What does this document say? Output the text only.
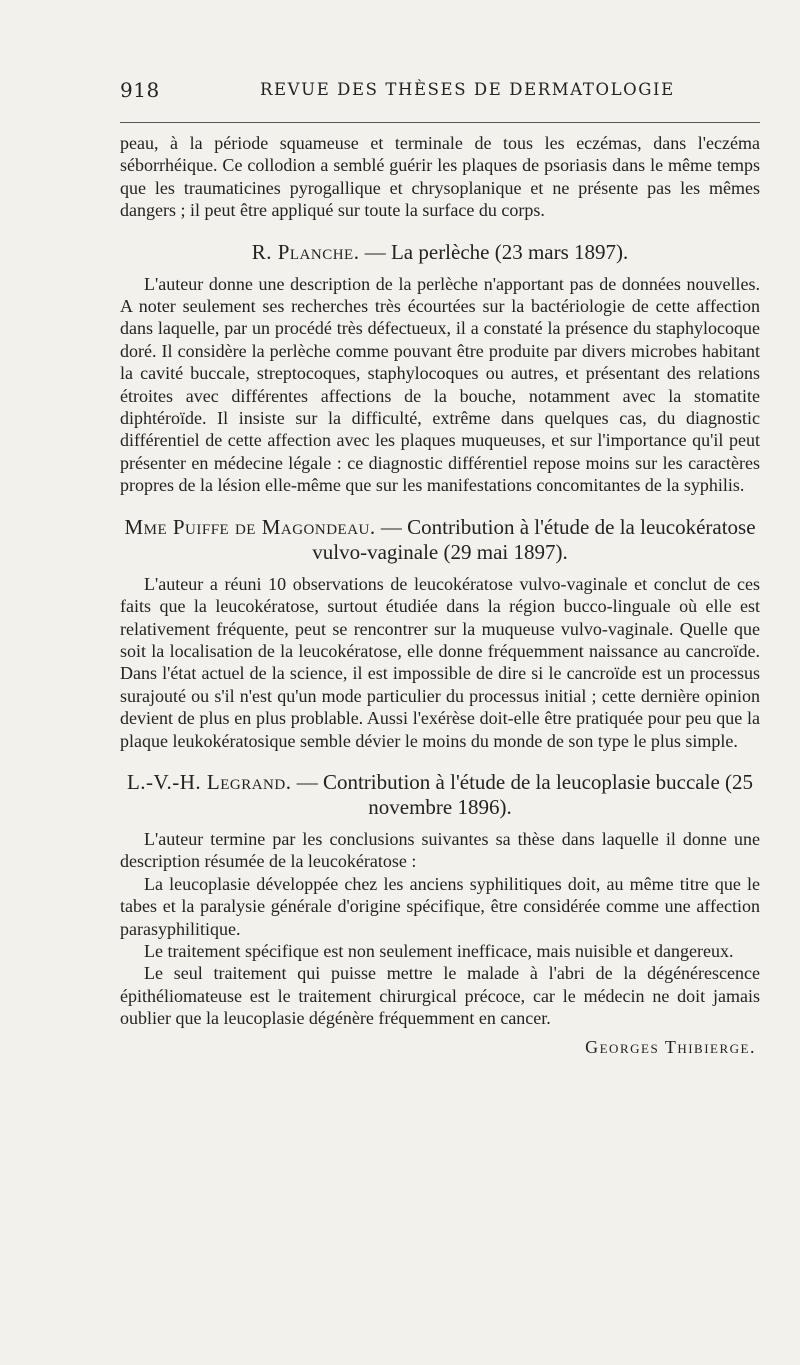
918	REVUE DES THÈSES DE DERMATOLOGIE

peau, à la période squameuse et terminale de tous les eczémas, dans l'eczéma séborrhéique. Ce collodion a semblé guérir les plaques de psoriasis dans le même temps que les traumaticines pyrogallique et chrysoplanique et ne présente pas les mêmes dangers ; il peut être appliqué sur toute la surface du corps.

R. Planche. — La perlèche (23 mars 1897).

L'auteur donne une description de la perlèche n'apportant pas de données nouvelles. A noter seulement ses recherches très écourtées sur la bactériologie de cette affection dans laquelle, par un procédé très défectueux, il a constaté la présence du staphylocoque doré. Il considère la perlèche comme pouvant être produite par divers microbes habitant la cavité buccale, streptocoques, staphylocoques ou autres, et présentant des relations étroites avec différentes affections de la bouche, notamment avec la stomatite diphtéroïde. Il insiste sur la difficulté, extrême dans quelques cas, du diagnostic différentiel de cette affection avec les plaques muqueuses, et sur l'importance qu'il peut présenter en médecine légale : ce diagnostic différentiel repose moins sur les caractères propres de la lésion elle-même que sur les manifestations concomitantes de la syphilis.

Mme Puiffe de Magondeau. — Contribution à l'étude de la leucokératose vulvo-vaginale (29 mai 1897).

L'auteur a réuni 10 observations de leucokératose vulvo-vaginale et conclut de ces faits que la leucokératose, surtout étudiée dans la région bucco-linguale où elle est relativement fréquente, peut se rencontrer sur la muqueuse vulvo-vaginale. Quelle que soit la localisation de la leucokératose, elle donne fréquemment naissance au cancroïde. Dans l'état actuel de la science, il est impossible de dire si le cancroïde est un processus surajouté ou s'il n'est qu'un mode particulier du processus initial ; cette dernière opinion devient de plus en plus problable. Aussi l'exérèse doit-elle être pratiquée pour peu que la plaque leukokératosique semble dévier le moins du monde de son type le plus simple.

L.-V.-H. Legrand. — Contribution à l'étude de la leucoplasie buccale (25 novembre 1896).

L'auteur termine par les conclusions suivantes sa thèse dans laquelle il donne une description résumée de la leucokératose :

La leucoplasie développée chez les anciens syphilitiques doit, au même titre que le tabes et la paralysie générale d'origine spécifique, être considérée comme une affection parasyphilitique.

Le traitement spécifique est non seulement inefficace, mais nuisible et dangereux.

Le seul traitement qui puisse mettre le malade à l'abri de la dégénérescence épithéliomateuse est le traitement chirurgical précoce, car le médecin ne doit jamais oublier que la leucoplasie dégénère fréquemment en cancer.

Georges Thibierge.
